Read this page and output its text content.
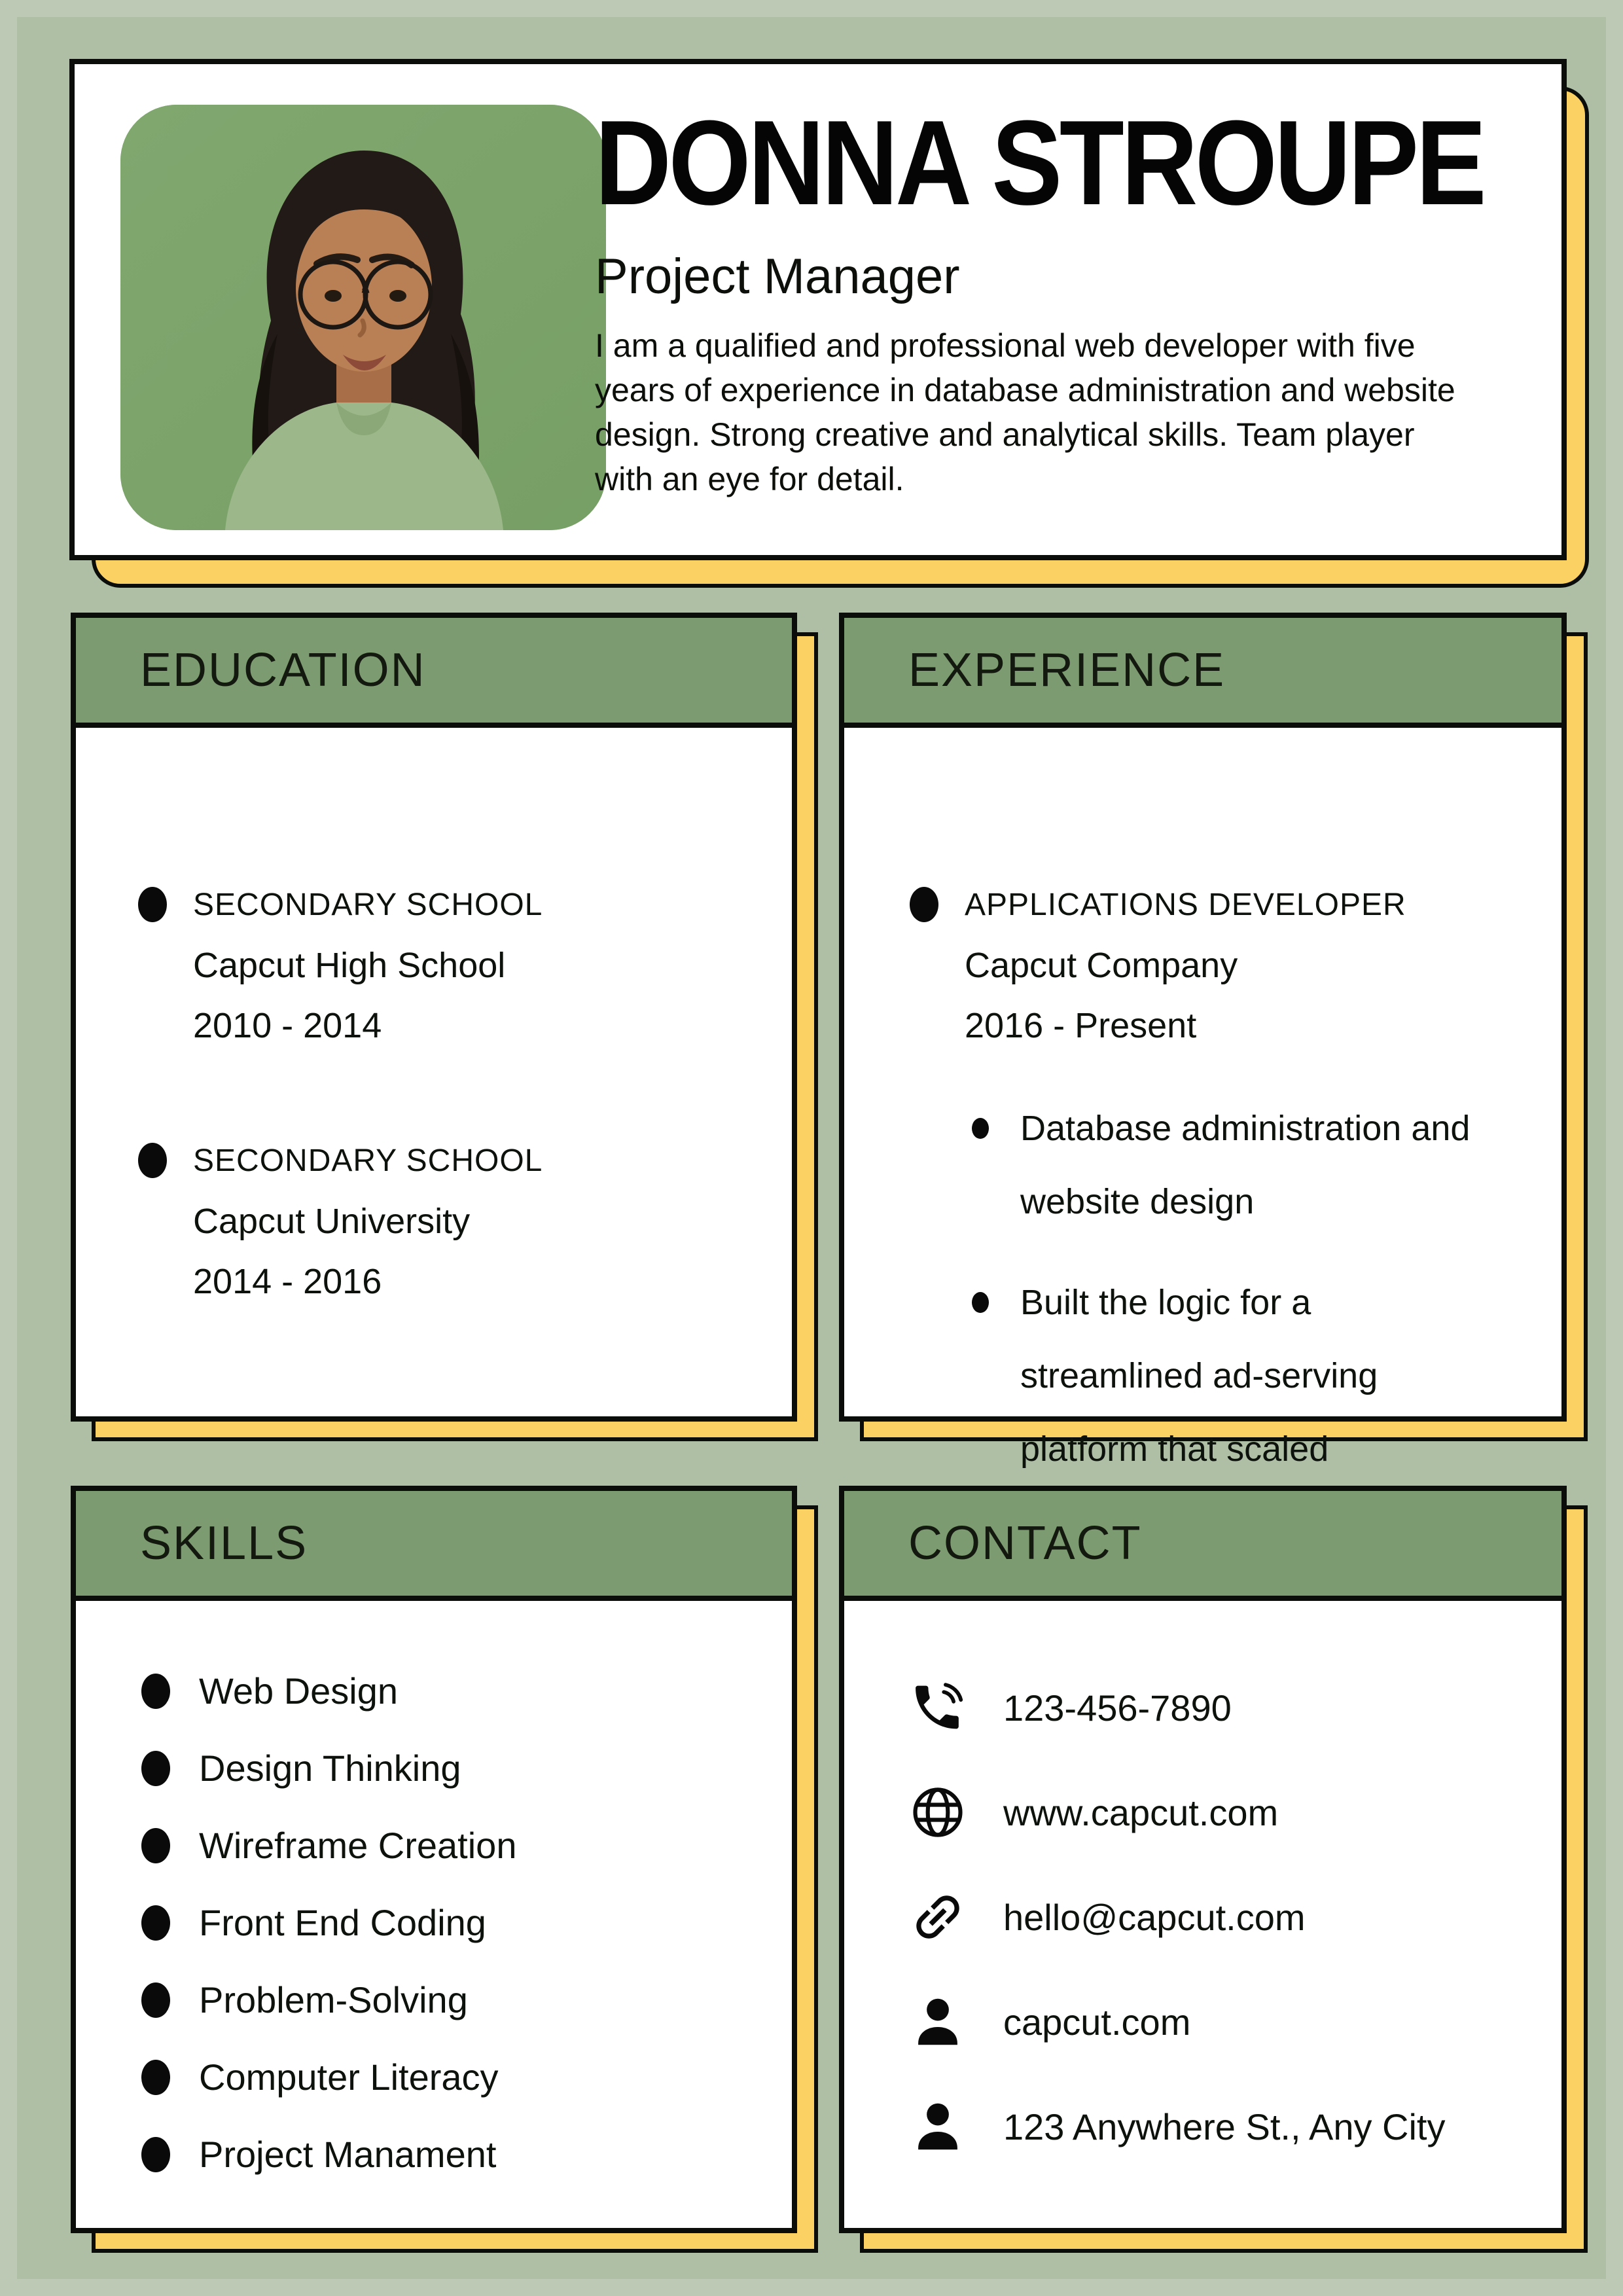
DONNA STROUPE
Project Manager

I am a qualified and professional web developer with five years of experience in database administration and website design. Strong creative and analytical skills. Team player with an eye for detail.

EDUCATION
SECONDARY SCHOOL
Capcut High School
2010 - 2014
SECONDARY SCHOOL
Capcut University
2014 - 2016
EXPERIENCE
APPLICATIONS DEVELOPER
Capcut Company
2016 - Present
Database administration and website design
Built the logic for a streamlined ad-serving platform that scaled
SKILLS
Web Design
Design Thinking
Wireframe Creation
Front End Coding
Problem-Solving
Computer Literacy
Project Manament
CONTACT
123-456-7890
www.capcut.com
hello@capcut.com
capcut.com
123 Anywhere St., Any City
